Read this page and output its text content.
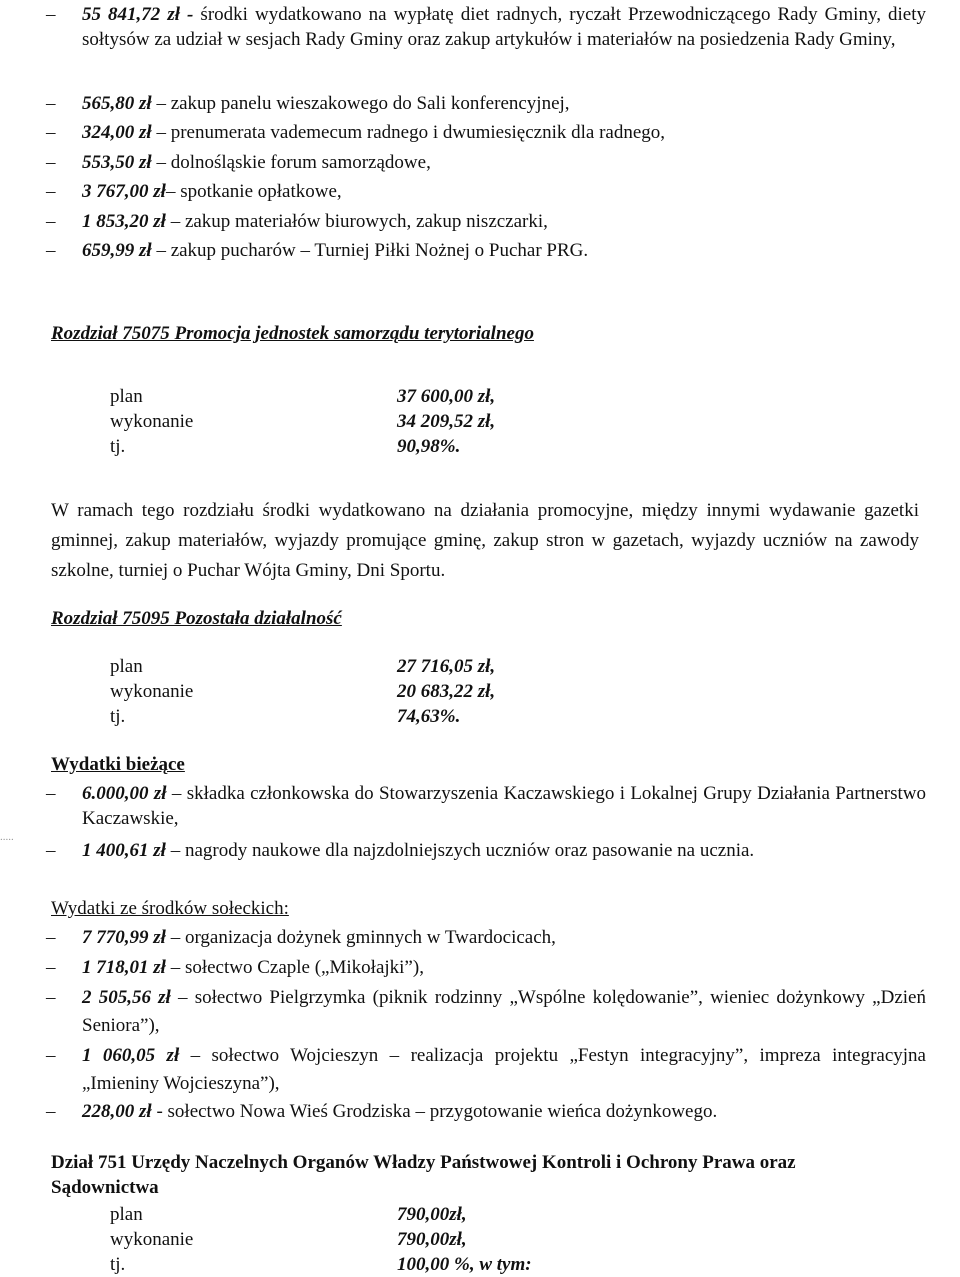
– 55 841,72 zł - środki wydatkowano na wypłatę diet radnych, ryczałt Przewodniczącego Rady Gminy, diety sołtysów za udział w sesjach Rady Gminy oraz zakup artykułów i materiałów na posiedzenia Rady Gminy,
– 565,80 zł – zakup panelu wieszakowego do Sali konferencyjnej,
– 324,00 zł – prenumerata vademecum radnego i dwumiesięcznik dla radnego,
– 553,50 zł – dolnośląskie forum samorządowe,
– 3 767,00 zł– spotkanie opłatkowe,
– 1 853,20 zł – zakup materiałów biurowych, zakup niszczarki,
– 659,99 zł – zakup pucharów – Turniej Piłki Nożnej o Puchar PRG.
Rozdział 75075 Promocja jednostek samorządu terytorialnego
plan	37 600,00 zł,
wykonanie	34 209,52 zł,
tj.	90,98%.
W ramach tego rozdziału środki wydatkowano na działania promocyjne, między innymi wydawanie gazetki gminnej, zakup materiałów, wyjazdy promujące gminę, zakup stron w gazetach, wyjazdy uczniów na zawody szkolne, turniej o Puchar Wójta Gminy, Dni Sportu.
Rozdział 75095 Pozostała działalność
plan	27 716,05 zł,
wykonanie	20 683,22 zł,
tj.	74,63%.
Wydatki bieżące
– 6.000,00 zł – składka członkowska do Stowarzyszenia Kaczawskiego i Lokalnej Grupy Działania Partnerstwo Kaczawskie,
– 1 400,61 zł – nagrody naukowe dla najzdolniejszych uczniów oraz pasowanie na ucznia.
Wydatki ze środków sołeckich:
– 7 770,99 zł – organizacja dożynek gminnych w Twardocicach,
– 1 718,01 zł – sołectwo Czaple („Mikołajki”),
– 2 505,56 zł – sołectwo Pielgrzymka (piknik rodzinny „Wspólne kolędowanie”, wieniec dożynkowy „Dzień Seniora”),
– 1 060,05 zł – sołectwo Wojcieszyn – realizacja projektu „Festyn integracyjny”, impreza integracyjna „Imieniny Wojcieszyna”),
– 228,00 zł - sołectwo Nowa Wieś Grodziska – przygotowanie wieńca dożynkowego.
Dział 751 Urzędy Naczelnych Organów Władzy Państwowej Kontroli i Ochrony Prawa oraz Sądownictwa
plan	790,00zł,
wykonanie	790,00zł,
tj.	100,00 %, w tym:
.....
